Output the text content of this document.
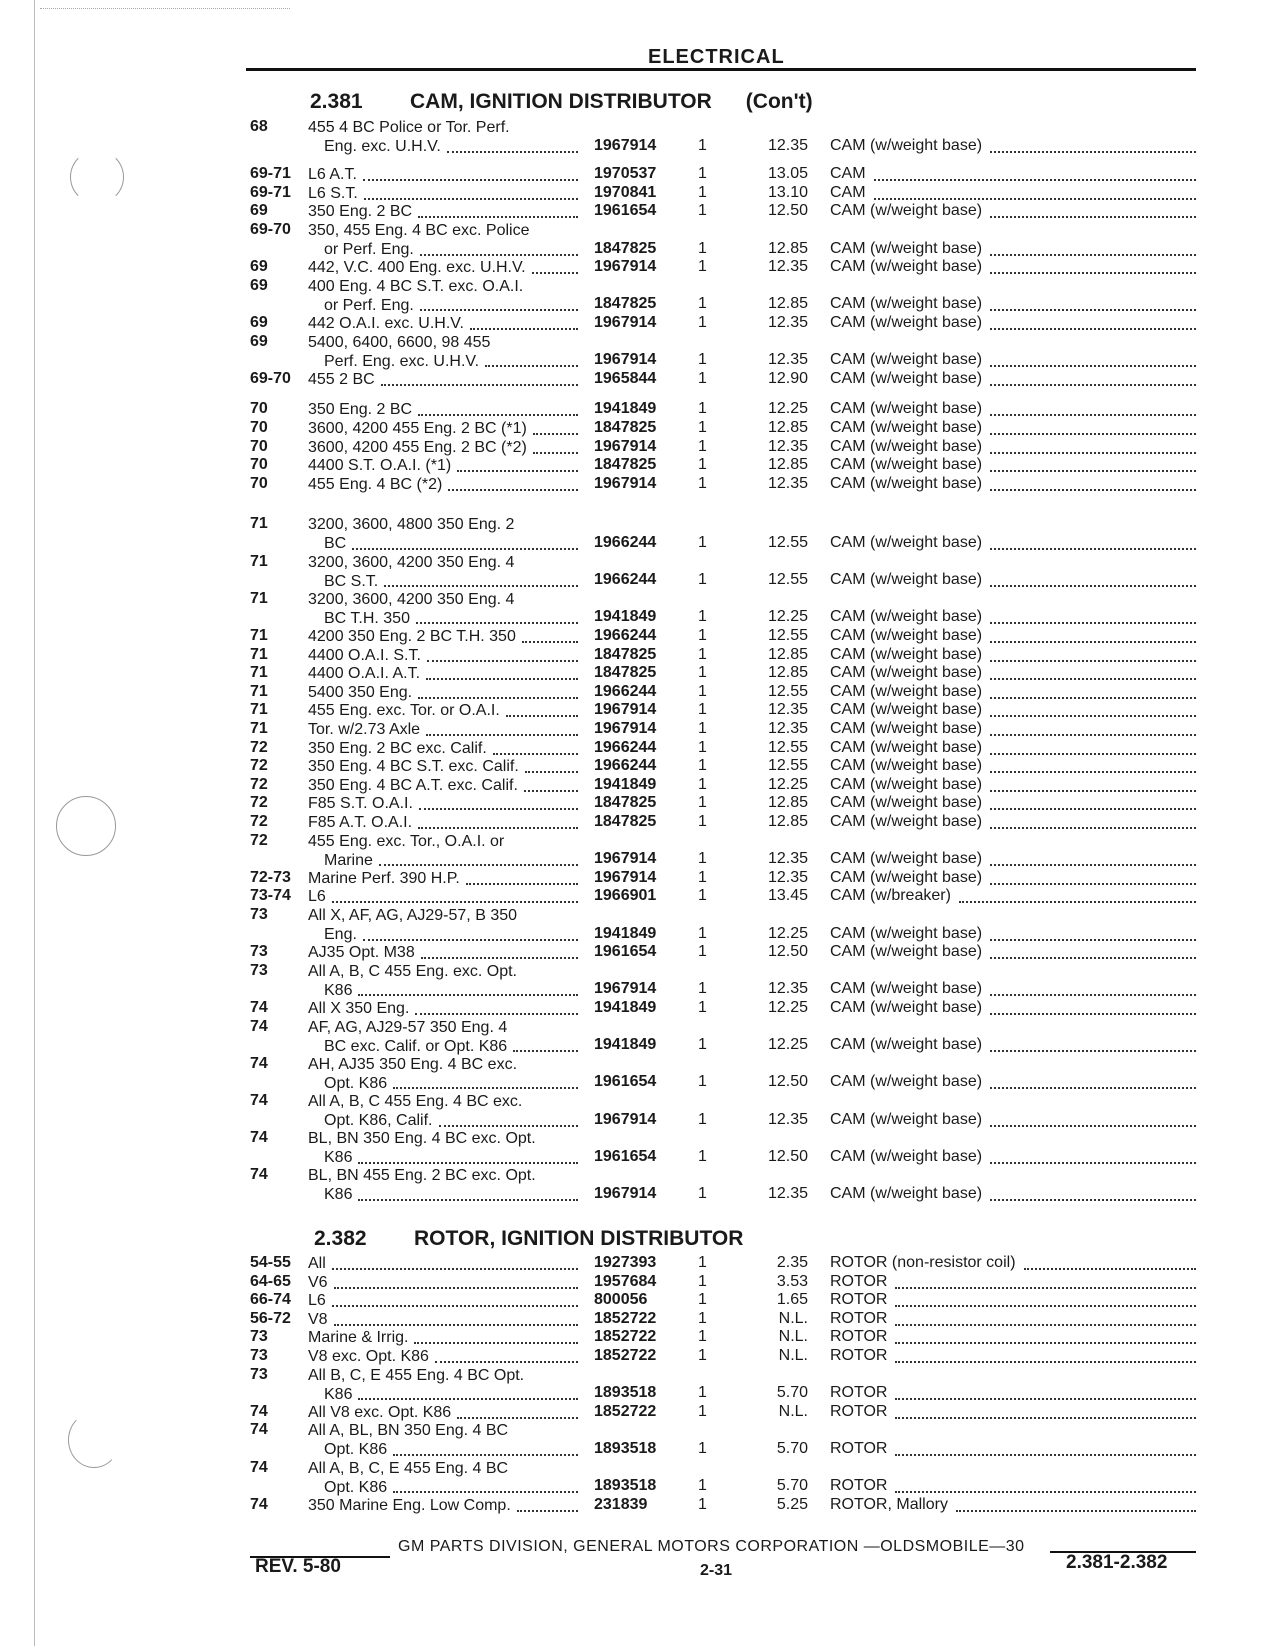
ELECTRICAL
2.381 CAM, IGNITION DISTRIBUTOR (Con't)
2.382 ROTOR, IGNITION DISTRIBUTOR
68	455 4 BC Police or Tor. Perf.
Eng. exc. U.H.V.	1967914	1	12.35 CAM (w/weight base)
69-71 L6 A.T.	1970537	1	13.05 CAM
69-71 L6 S.T.	1970841	1	13.10 CAM
69	350 Eng. 2 BC	1961654	1	12.50 CAM (w/weight base)
69-70 350, 455 Eng. 4 BC exc. Police
or Perf. Eng.	1847825	1	12.85 CAM (w/weight base)
69	442, V.C. 400 Eng. exc. U.H.V.	1967914	1	12.35 CAM (w/weight base)
69	400 Eng. 4 BC S.T. exc. O.A.I.
or Perf. Eng.	1847825	1	12.85 CAM (w/weight base)
69	442 O.A.I. exc. U.H.V.	1967914	1	12.35 CAM (w/weight base)
69	5400, 6400, 6600, 98 455
Perf. Eng. exc. U.H.V.	1967914	1	12.35 CAM (w/weight base)
69-70 455 2 BC	1965844	1	12.90 CAM (w/weight base)
70	350 Eng. 2 BC	1941849	1	12.25 CAM (w/weight base)
70	3600, 4200 455 Eng. 2 BC (*1)	1847825	1	12.85 CAM (w/weight base)
70	3600, 4200 455 Eng. 2 BC (*2)	1967914	1	12.35 CAM (w/weight base)
70	4400 S.T. O.A.I. (*1)	1847825	1	12.85 CAM (w/weight base)
70	455 Eng. 4 BC (*2)	1967914	1	12.35 CAM (w/weight base)
71	3200, 3600, 4800 350 Eng. 2
BC	1966244	1	12.55 CAM (w/weight base)
71	3200, 3600, 4200 350 Eng. 4
BC S.T.	1966244	1	12.55 CAM (w/weight base)
71	3200, 3600, 4200 350 Eng. 4
BC T.H. 350	1941849	1	12.25 CAM (w/weight base)
71	4200 350 Eng. 2 BC T.H. 350	1966244	1	12.55 CAM (w/weight base)
71	4400 O.A.I. S.T.	1847825	1	12.85 CAM (w/weight base)
71	4400 O.A.I. A.T.	1847825	1	12.85 CAM (w/weight base)
71	5400 350 Eng.	1966244	1	12.55 CAM (w/weight base)
71	455 Eng. exc. Tor. or O.A.I.	1967914	1	12.35 CAM (w/weight base)
71	Tor. w/2.73 Axle	1967914	1	12.35 CAM (w/weight base)
72	350 Eng. 2 BC exc. Calif.	1966244	1	12.55 CAM (w/weight base)
72	350 Eng. 4 BC S.T. exc. Calif.	1966244	1	12.55 CAM (w/weight base)
72	350 Eng. 4 BC A.T. exc. Calif.	1941849	1	12.25 CAM (w/weight base)
72	F85 S.T. O.A.I.	1847825	1	12.85 CAM (w/weight base)
72	F85 A.T. O.A.I.	1847825	1	12.85 CAM (w/weight base)
72	455 Eng. exc. Tor., O.A.I. or
Marine	1967914	1	12.35 CAM (w/weight base)
72-73 Marine Perf. 390 H.P.	1967914	1	12.35 CAM (w/weight base)
73-74 L6	1966901	1	13.45 CAM (w/breaker)
73	All X, AF, AG, AJ29-57, B 350
Eng.	1941849	1	12.25 CAM (w/weight base)
73	AJ35 Opt. M38	1961654	1	12.50 CAM (w/weight base)
73	All A, B, C 455 Eng. exc. Opt.
K86	1967914	1	12.35 CAM (w/weight base)
74	All X 350 Eng.	1941849	1	12.25 CAM (w/weight base)
74	AF, AG, AJ29-57 350 Eng. 4
BC exc. Calif. or Opt. K86	1941849	1	12.25 CAM (w/weight base)
74	AH, AJ35 350 Eng. 4 BC exc.
Opt. K86	1961654	1	12.50 CAM (w/weight base)
74	All A, B, C 455 Eng. 4 BC exc.
Opt. K86, Calif.	1967914	1	12.35 CAM (w/weight base)
74	BL, BN 350 Eng. 4 BC exc. Opt.
K86	1961654	1	12.50 CAM (w/weight base)
74	BL, BN 455 Eng. 2 BC exc. Opt.
K86	1967914	1	12.35 CAM (w/weight base)
54-55 All	1927393	1	2.35 ROTOR (non-resistor coil)
64-65 V6	1957684	1	3.53 ROTOR
66-74 L6	800056	1	1.65 ROTOR
56-72 V8	1852722	1	N.L. ROTOR
73	Marine & Irrig.	1852722	1	N.L. ROTOR
73	V8 exc. Opt. K86	1852722	1	N.L. ROTOR
73	All B, C, E 455 Eng. 4 BC Opt.
K86	1893518	1	5.70 ROTOR
74	All V8 exc. Opt. K86	1852722	1	N.L. ROTOR
74	All A, BL, BN 350 Eng. 4 BC
Opt. K86	1893518	1	5.70 ROTOR
74	All A, B, C, E 455 Eng. 4 BC
Opt. K86	1893518	1	5.70 ROTOR
74	350 Marine Eng. Low Comp.	231839	1	5.25 ROTOR, Mallory
GM PARTS DIVISION, GENERAL MOTORS CORPORATION —OLDSMOBILE—30
REV. 5-80	2-31	2.381-2.382
